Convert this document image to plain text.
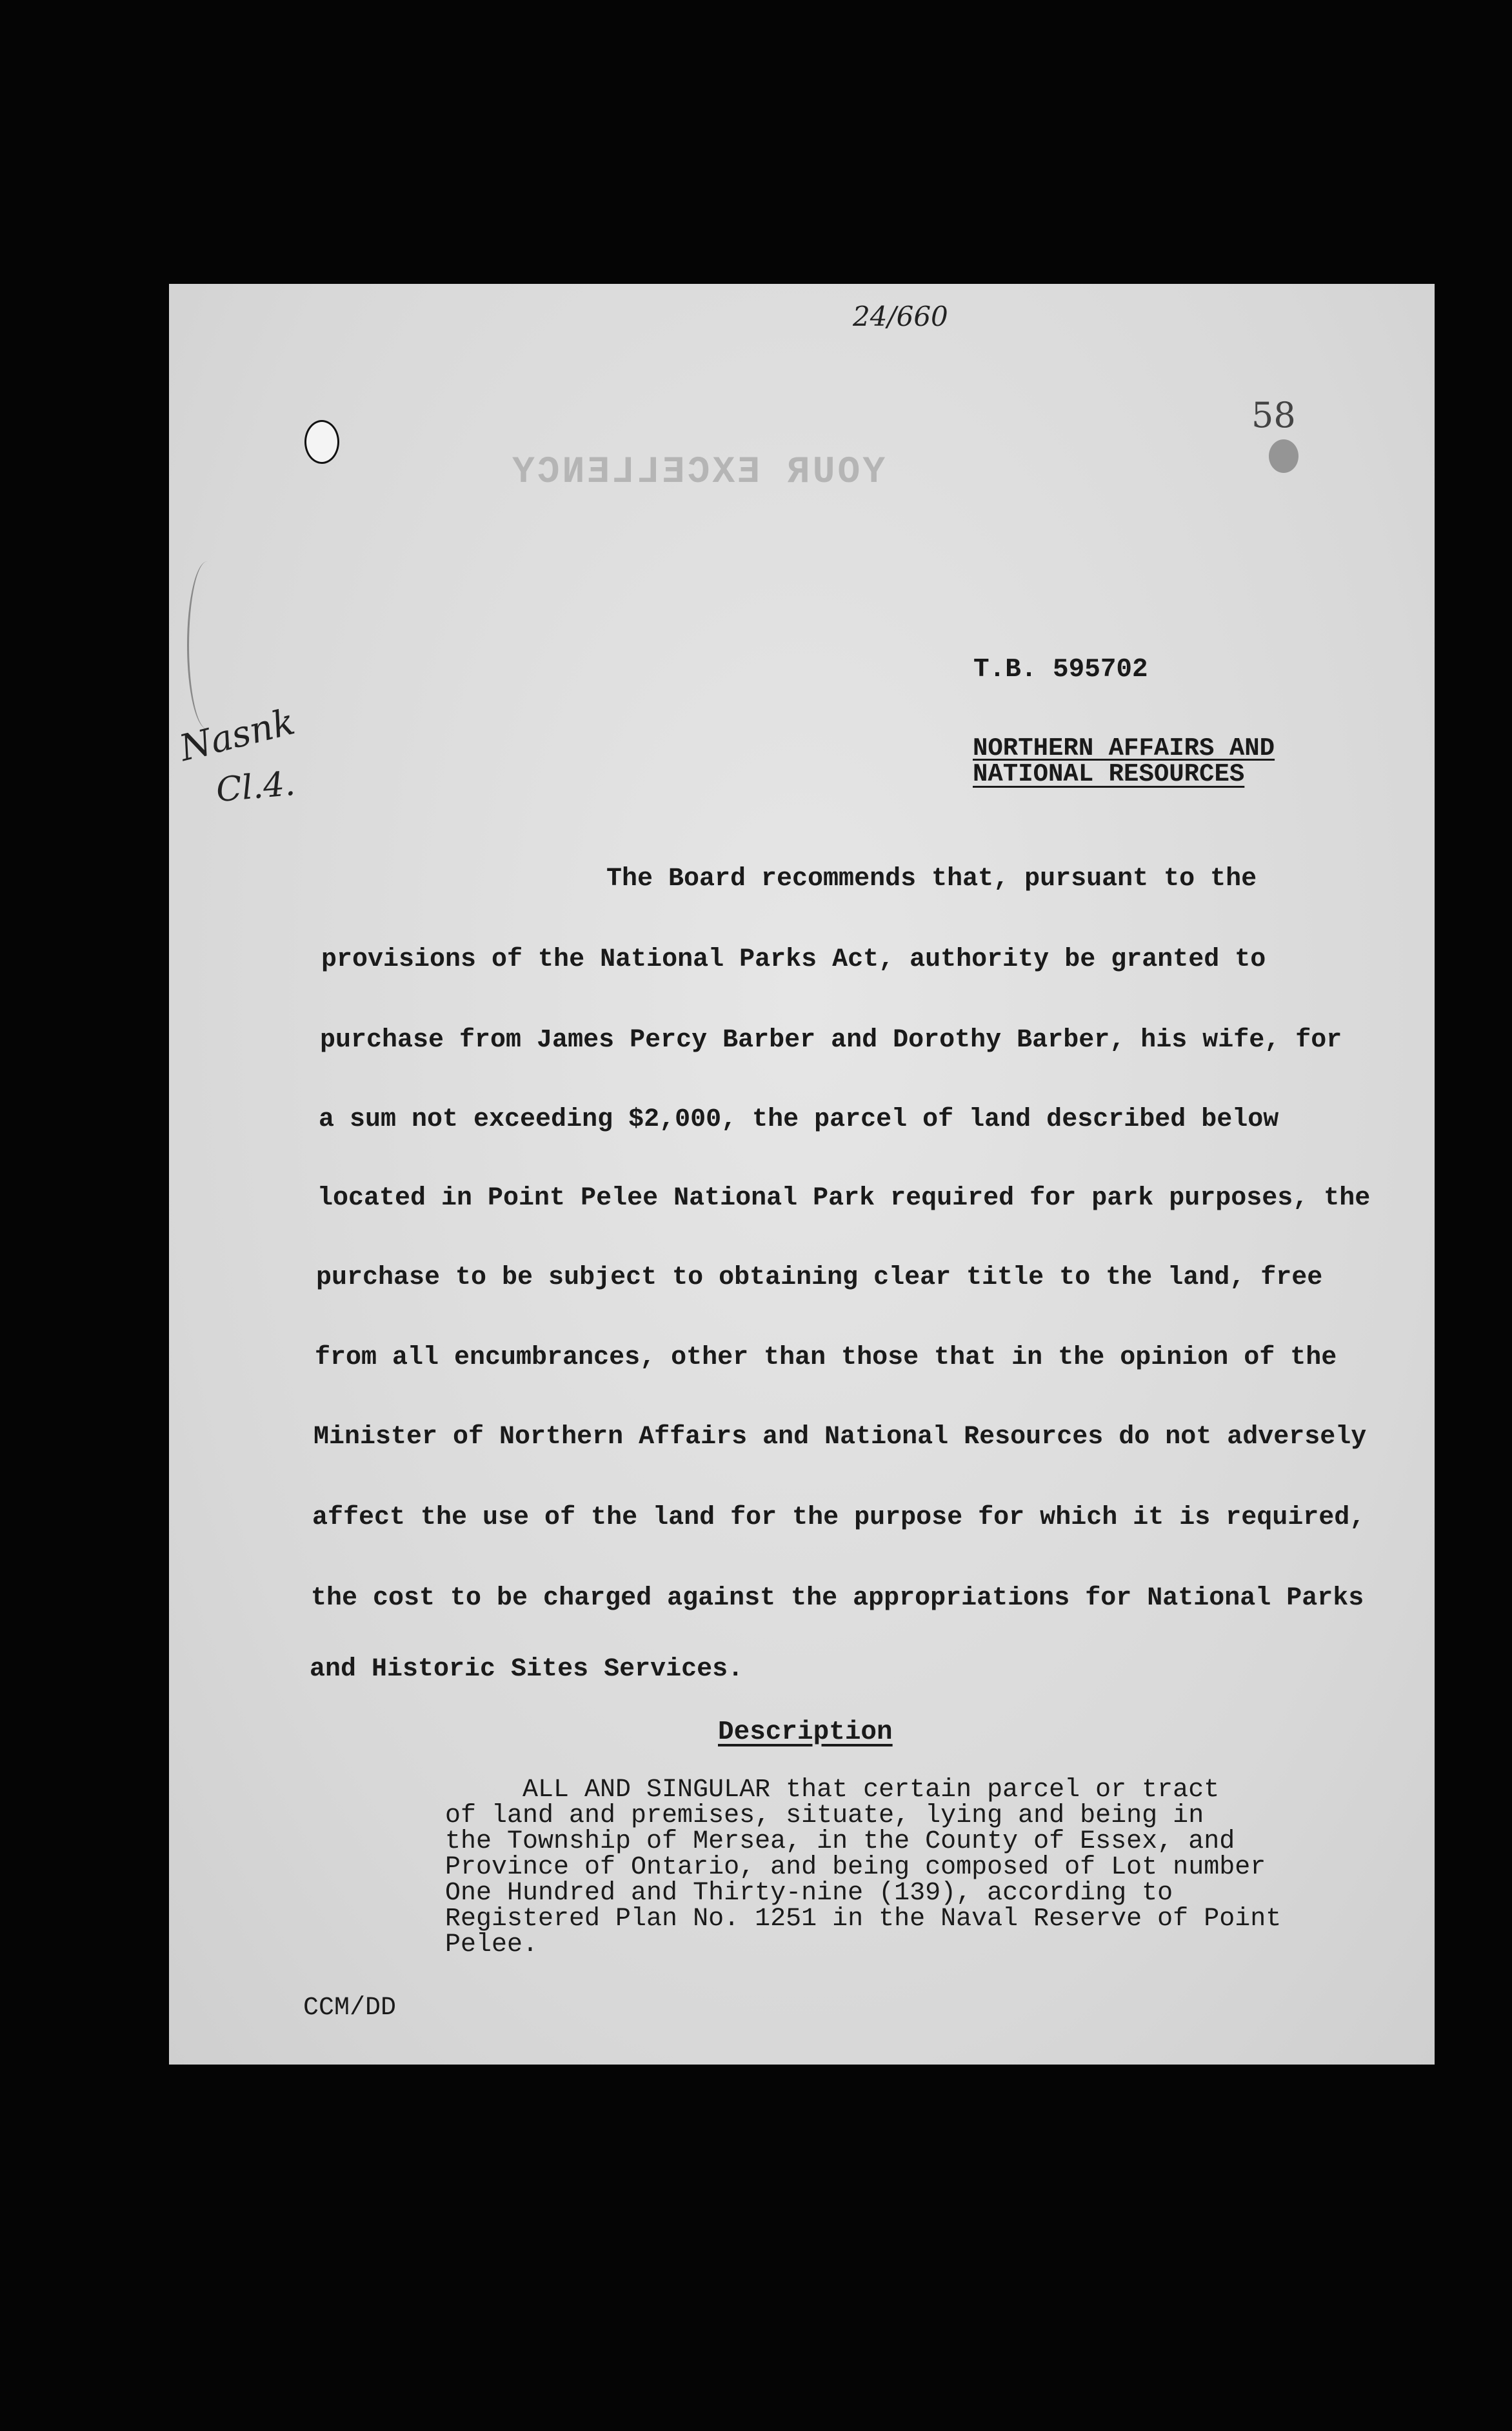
24/660
58
YOUR EXCELLENCY
Nasnk
Cl.4.
T.B. 595702
NORTHERN AFFAIRS AND
NATIONAL RESOURCES
The Board recommends that, pursuant to the
provisions of the National Parks Act, authority be granted to
purchase from James Percy Barber and Dorothy Barber, his wife, for
a sum not exceeding $2,000, the parcel of land described below
located in Point Pelee National Park required for park purposes, the
purchase to be subject to obtaining clear title to the land, free
from all encumbrances, other than those that in the opinion of the
Minister of Northern Affairs and National Resources do not adversely
affect the use of the land for the purpose for which it is required,
the cost to be charged against the appropriations for National Parks
and Historic Sites Services.
Description
ALL AND SINGULAR that certain parcel or tract
of land and premises, situate, lying and being in
the Township of Mersea, in the County of Essex, and
Province of Ontario, and being composed of Lot number
One Hundred and Thirty-nine (139), according to
Registered Plan No. 1251 in the Naval Reserve of Point
Pelee.
CCM/DD
